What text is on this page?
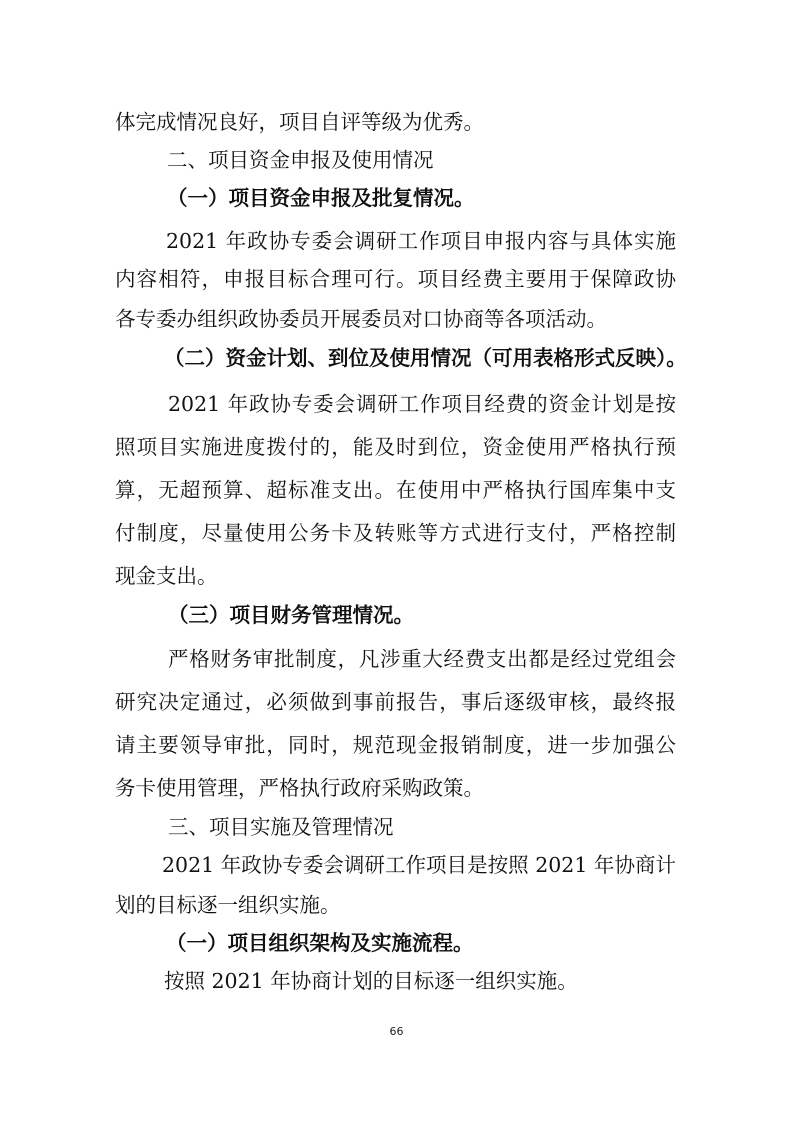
体完成情况良好，项目自评等级为优秀。

二、项目资金申报及使用情况

（一）项目资金申报及批复情况。

2021 年政协专委会调研工作项目申报内容与具体实施

内容相符，申报目标合理可行。项目经费主要用于保障政协

各专委办组织政协委员开展委员对口协商等各项活动。

（二）资金计划、到位及使用情况（可用表格形式反映）。

2021 年政协专委会调研工作项目经费的资金计划是按

照项目实施进度拨付的，能及时到位，资金使用严格执行预

算，无超预算、超标准支出。在使用中严格执行国库集中支

付制度，尽量使用公务卡及转账等方式进行支付，严格控制

现金支出。

（三）项目财务管理情况。

严格财务审批制度，凡涉重大经费支出都是经过党组会

研究决定通过，必须做到事前报告，事后逐级审核，最终报

请主要领导审批，同时，规范现金报销制度，进一步加强公

务卡使用管理，严格执行政府采购政策。

三、项目实施及管理情况

2021 年政协专委会调研工作项目是按照 2021 年协商计

划的目标逐一组织实施。

（一）项目组织架构及实施流程。

按照 2021 年协商计划的目标逐一组织实施。

66
